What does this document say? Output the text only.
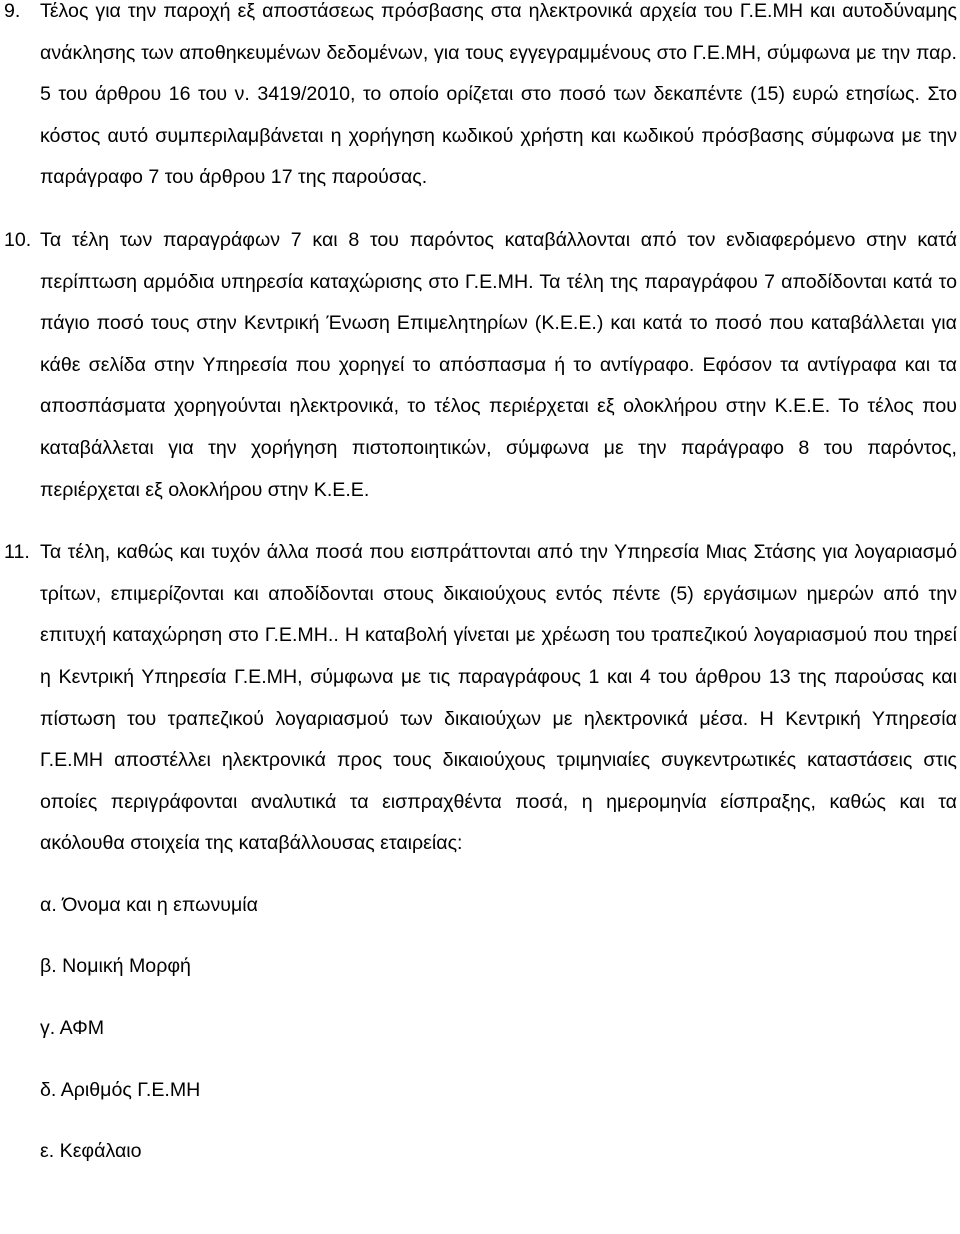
9. Τέλος για την παροχή εξ αποστάσεως πρόσβασης στα ηλεκτρονικά αρχεία του Γ.Ε.ΜΗ και αυτοδύναμης ανάκλησης των αποθηκευμένων δεδομένων, για τους εγγεγραμμένους στο Γ.Ε.ΜΗ, σύμφωνα με την παρ. 5 του άρθρου 16 του ν. 3419/2010, το οποίο ορίζεται στο ποσό των δεκαπέντε (15) ευρώ ετησίως. Στο κόστος αυτό συμπεριλαμβάνεται η χορήγηση κωδικού χρήστη και κωδικού πρόσβασης σύμφωνα με την παράγραφο 7 του άρθρου 17 της παρούσας.

10. Τα τέλη των παραγράφων 7 και 8 του παρόντος καταβάλλονται από τον ενδιαφερόμενο στην κατά περίπτωση αρμόδια υπηρεσία καταχώρισης στο Γ.Ε.ΜΗ. Τα τέλη της παραγράφου 7 αποδίδονται κατά το πάγιο ποσό τους στην Κεντρική Ένωση Επιμελητηρίων (Κ.Ε.Ε.) και κατά το ποσό που καταβάλλεται για κάθε σελίδα στην Υπηρεσία που χορηγεί το απόσπασμα ή το αντίγραφο. Εφόσον τα αντίγραφα και τα αποσπάσματα χορηγούνται ηλεκτρονικά, το τέλος περιέρχεται εξ ολοκλήρου στην Κ.Ε.Ε. Το τέλος που καταβάλλεται για την χορήγηση πιστοποιητικών, σύμφωνα με την παράγραφο 8 του παρόντος, περιέρχεται εξ ολοκλήρου στην Κ.Ε.Ε.

11. Τα τέλη, καθώς και τυχόν άλλα ποσά που εισπράττονται από την Υπηρεσία Μιας Στάσης για λογαριασμό τρίτων, επιμερίζονται και αποδίδονται στους δικαιούχους εντός πέντε (5) εργάσιμων ημερών από την επιτυχή καταχώρηση στο Γ.Ε.ΜΗ.. Η καταβολή γίνεται με χρέωση του τραπεζικού λογαριασμού που τηρεί η Κεντρική Υπηρεσία Γ.Ε.ΜΗ, σύμφωνα με τις παραγράφους 1 και 4 του άρθρου 13 της παρούσας και πίστωση του τραπεζικού λογαριασμού των δικαιούχων με ηλεκτρονικά μέσα. Η Κεντρική Υπηρεσία Γ.Ε.ΜΗ αποστέλλει ηλεκτρονικά προς τους δικαιούχους τριμηνιαίες συγκεντρωτικές καταστάσεις στις οποίες περιγράφονται αναλυτικά τα εισπραχθέντα ποσά, η ημερομηνία είσπραξης, καθώς και τα ακόλουθα στοιχεία της καταβάλλουσας εταιρείας:

α. Όνομα και η επωνυμία
β. Νομική Μορφή
γ. ΑΦΜ
δ. Αριθμός Γ.Ε.ΜΗ
ε. Κεφάλαιο
